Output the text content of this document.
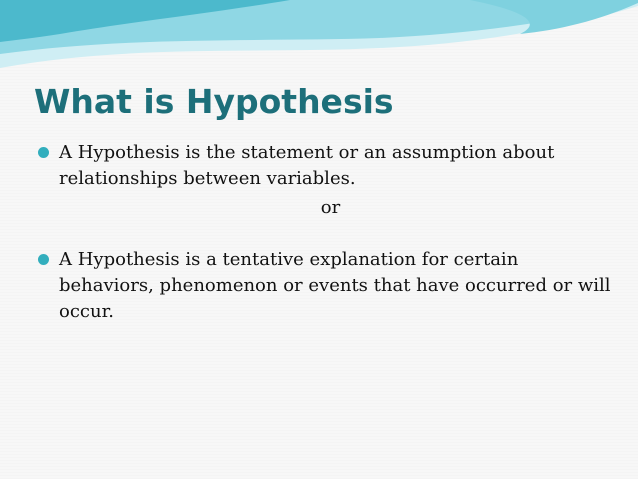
What is Hypothesis
A Hypothesis is the statement or an assumption about relationships between variables.
or
A Hypothesis is a tentative explanation for certain behaviors, phenomenon or events that have occurred or will occur.
